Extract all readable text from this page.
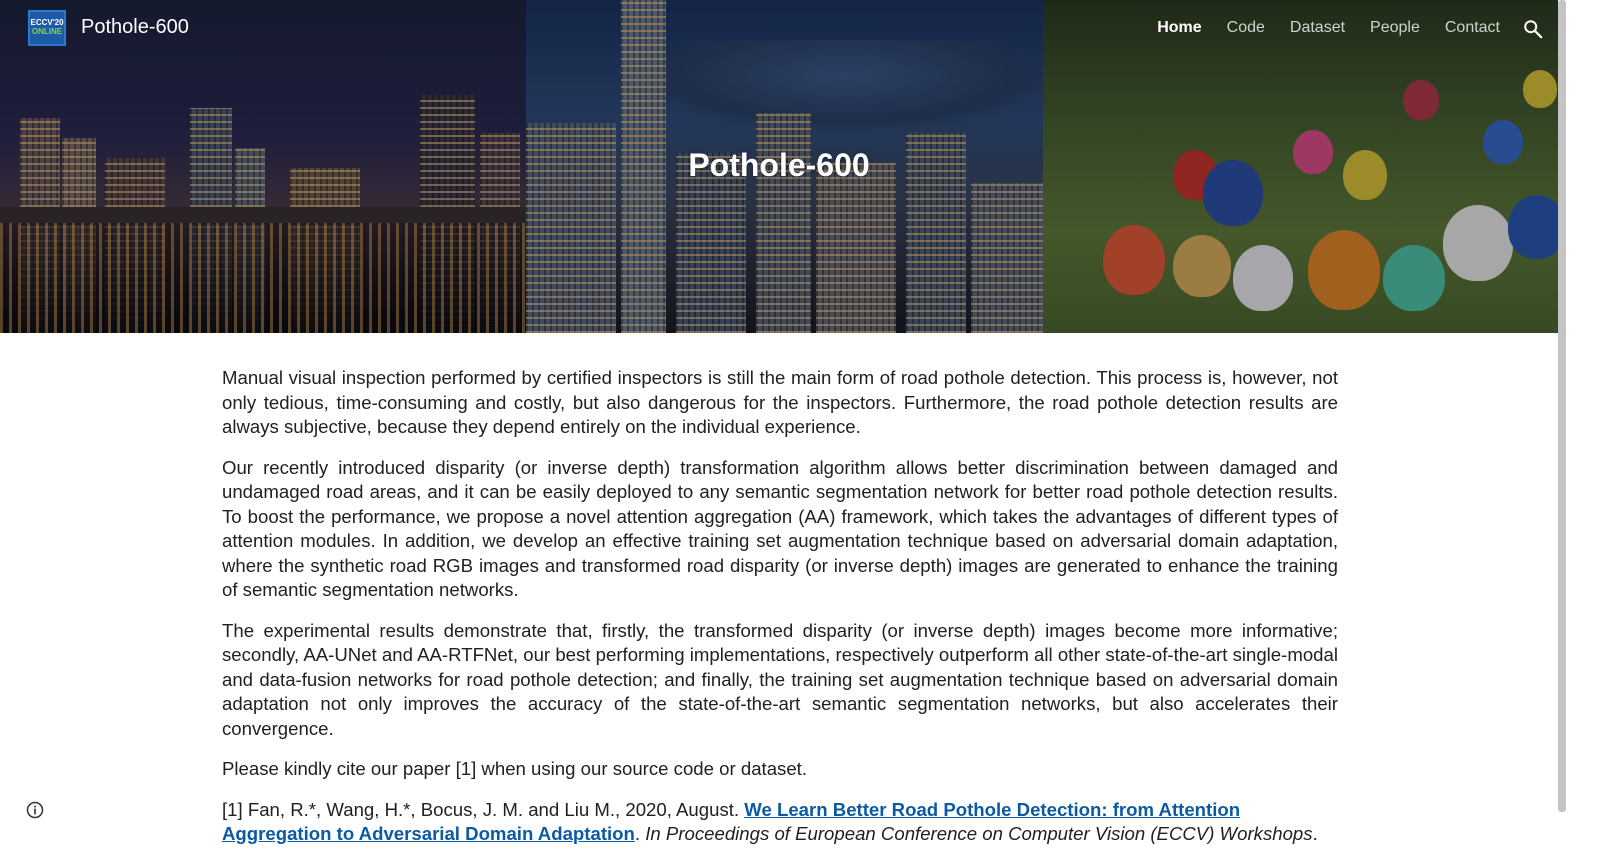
ECCV'20
ONLINE Pothole-600	Home Code Dataset People Contact
Pothole-600

Manual visual inspection performed by certified inspectors is still the main form of road pothole detection. This process is, however, not only tedious, time-consuming and costly, but also dangerous for the inspectors. Furthermore, the road pothole detection results are always subjective, because they depend entirely on the individual experience.

Our recently introduced disparity (or inverse depth) transformation algorithm allows better discrimination between damaged and undamaged road areas, and it can be easily deployed to any semantic segmentation network for better road pothole detection results. To boost the performance, we propose a novel attention aggregation (AA) framework, which takes the advantages of different types of attention modules. In addition, we develop an effective training set augmentation technique based on adversarial domain adaptation, where the synthetic road RGB images and transformed road disparity (or inverse depth) images are generated to enhance the training of semantic segmentation networks.

The experimental results demonstrate that, firstly, the transformed disparity (or inverse depth) images become more informative; secondly, AA-UNet and AA-RTFNet, our best performing implementations, respectively outperform all other state-of-the-art single-modal and data-fusion networks for road pothole detection; and finally, the training set augmentation technique based on adversarial domain adaptation not only improves the accuracy of the state-of-the-art semantic segmentation networks, but also accelerates their convergence.

Please kindly cite our paper [1] when using our source code or dataset.

[1] Fan, R.*, Wang, H.*, Bocus, J. M. and Liu M., 2020, August. We Learn Better Road Pothole Detection: from Attention Aggregation to Adversarial Domain Adaptation. In Proceedings of European Conference on Computer Vision (ECCV) Workshops.
